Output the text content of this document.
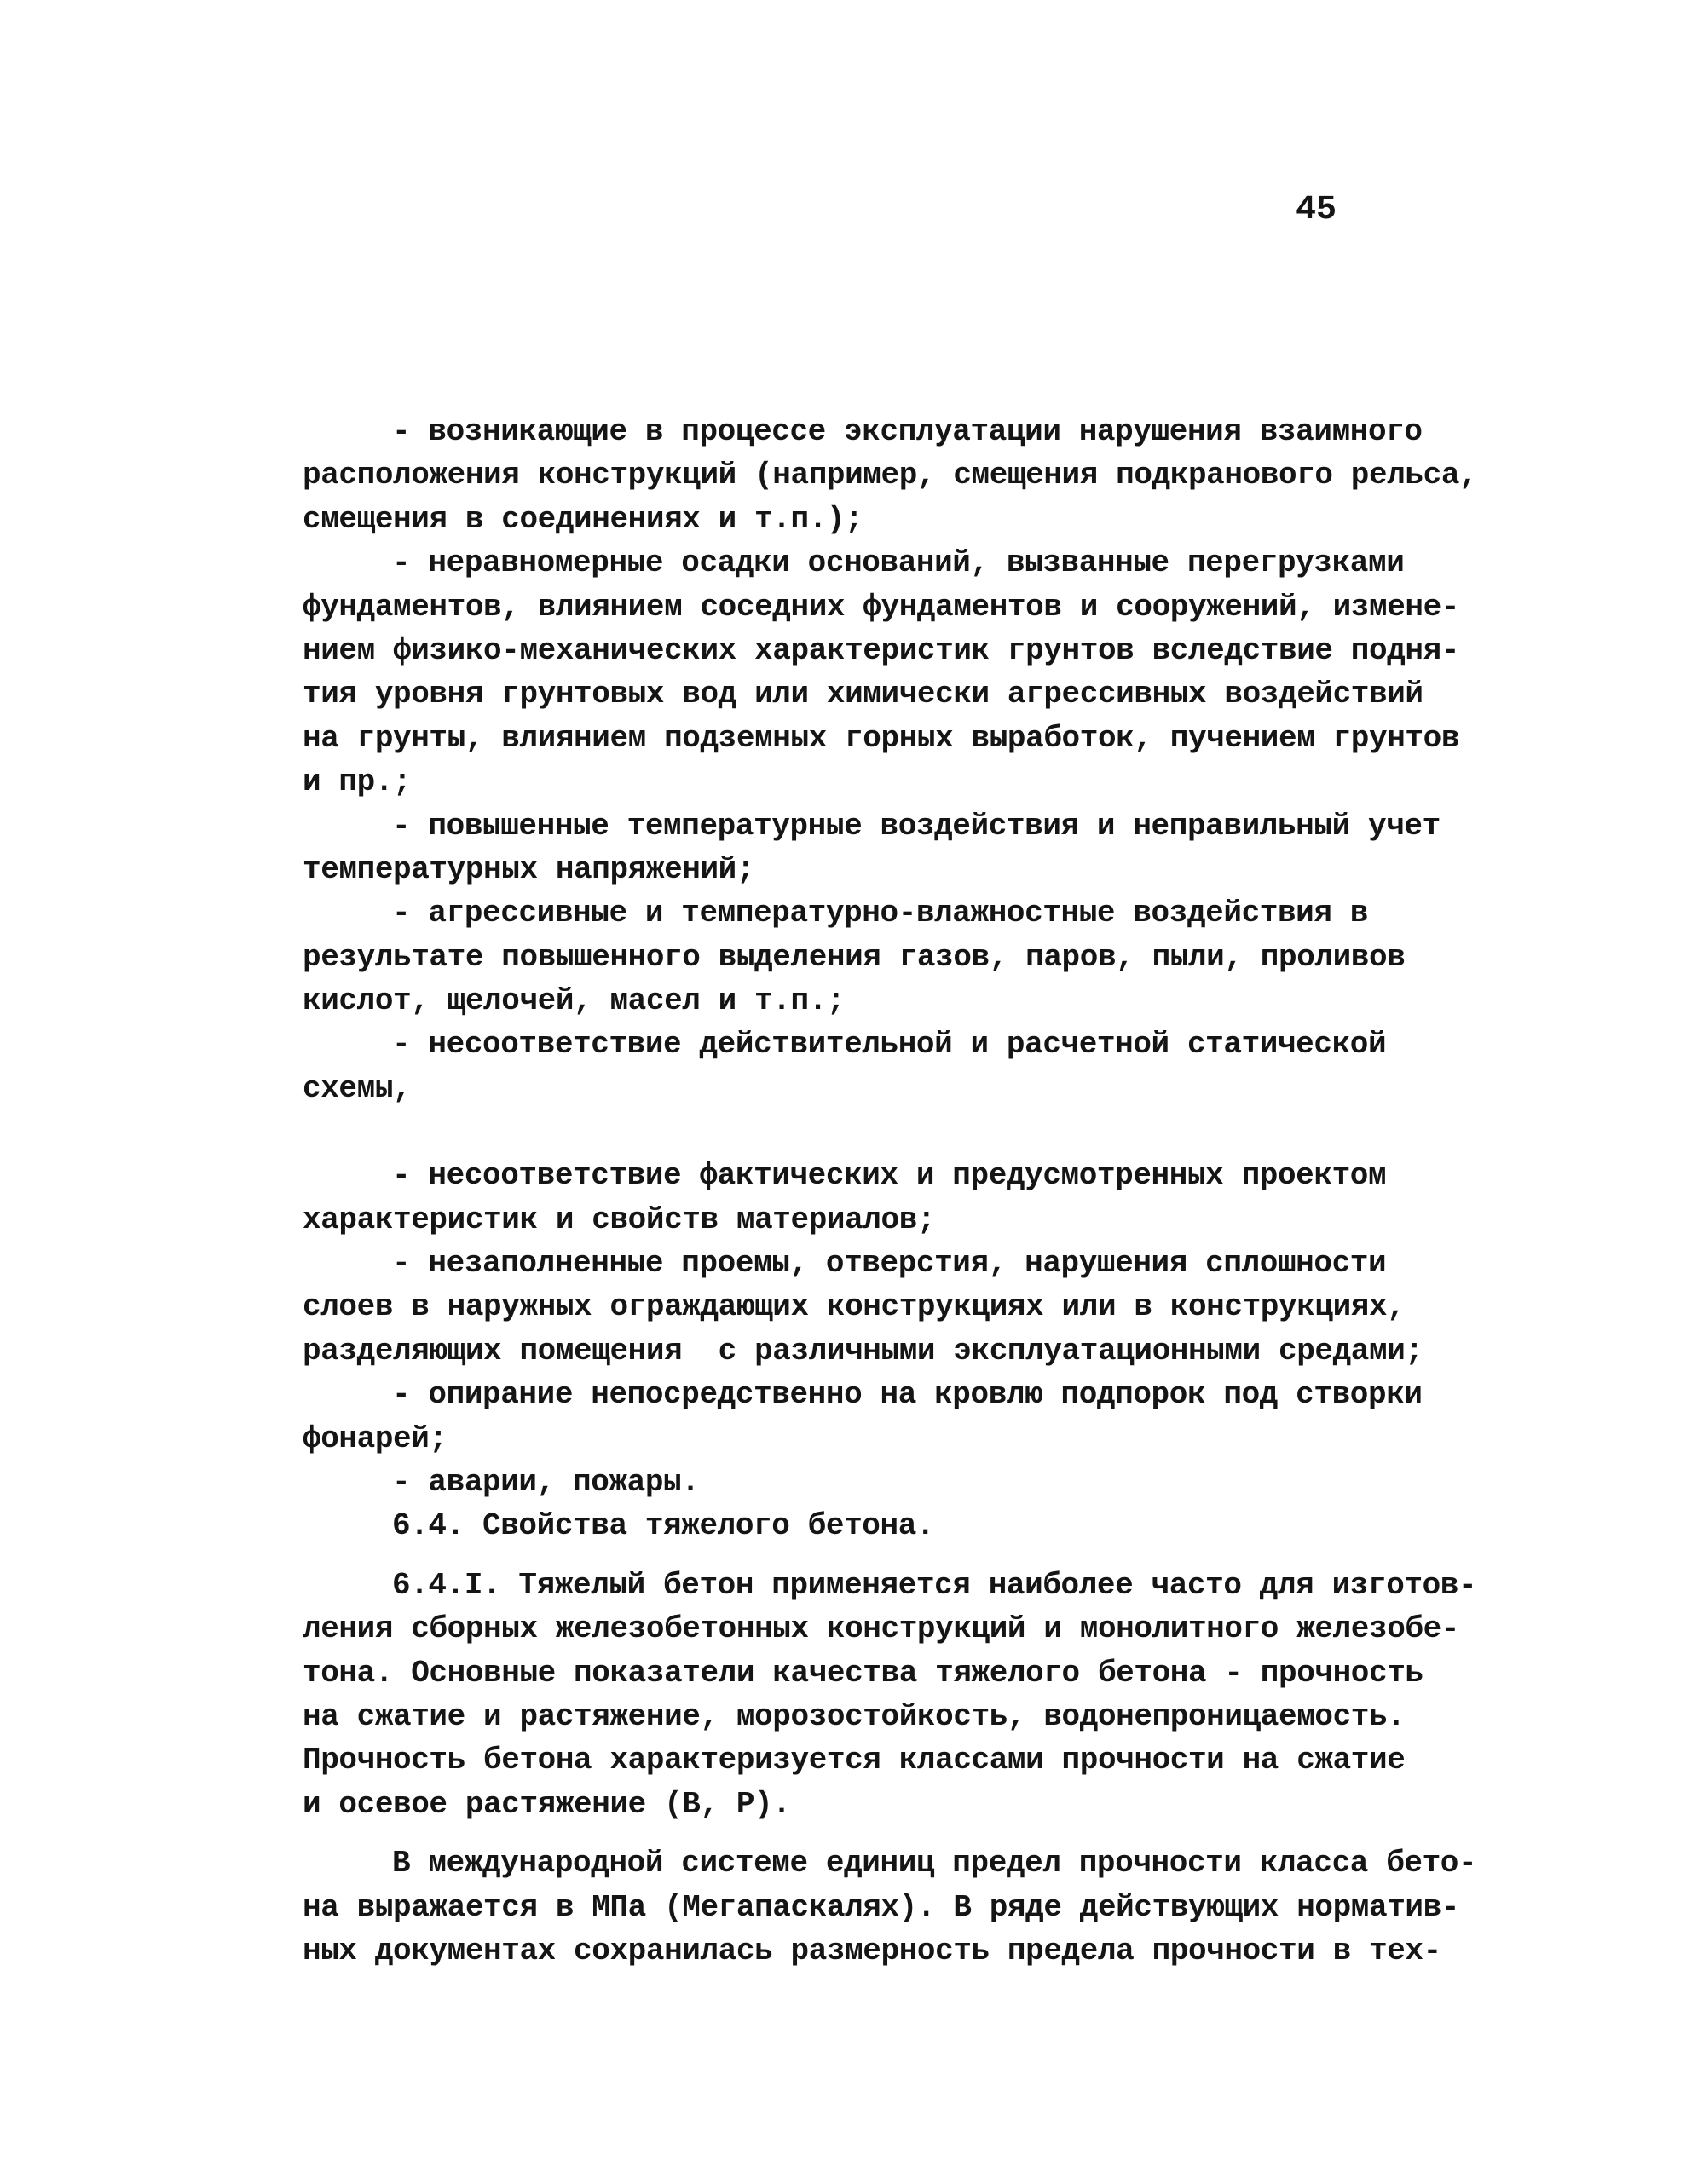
45
- возникающие в процессе эксплуатации нарушения взаимного
расположения конструкций (например, смещения подкранового рельса,
смещения в соединениях и т.п.);
- неравномерные осадки оснований, вызванные перегрузками
фундаментов, влиянием соседних фундаментов и сооружений, измене-
нием физико-механических характеристик грунтов вследствие подня-
тия уровня грунтовых вод или химически агрессивных воздействий
на грунты, влиянием подземных горных выработок, пучением грунтов
и пр.;
- повышенные температурные воздействия и неправильный учет
температурных напряжений;
- агрессивные и температурно-влажностные воздействия в
результате повышенного выделения газов, паров, пыли, проливов
кислот, щелочей, масел и т.п.;
- несоответствие действительной и расчетной статической
схемы,
- несоответствие фактических и предусмотренных проектом
характеристик и свойств материалов;
- незаполненные проемы, отверстия, нарушения сплошности
слоев в наружных ограждающих конструкциях или в конструкциях,
разделяющих помещения  с различными эксплуатационными средами;
- опирание непосредственно на кровлю подпорок под створки
фонарей;
- аварии, пожары.
6.4. Свойства тяжелого бетона.
6.4.I. Тяжелый бетон применяется наиболее часто для изготов-
ления сборных железобетонных конструкций и монолитного железобе-
тона. Основные показатели качества тяжелого бетона - прочность
на сжатие и растяжение, морозостойкость, водонепроницаемость.
Прочность бетона характеризуется классами прочности на сжатие
и осевое растяжение (В, Р).
В международной системе единиц предел прочности класса бето-
на выражается в МПа (Мегапаскалях). В ряде действующих норматив-
ных документах сохранилась размерность предела прочности в тех-
